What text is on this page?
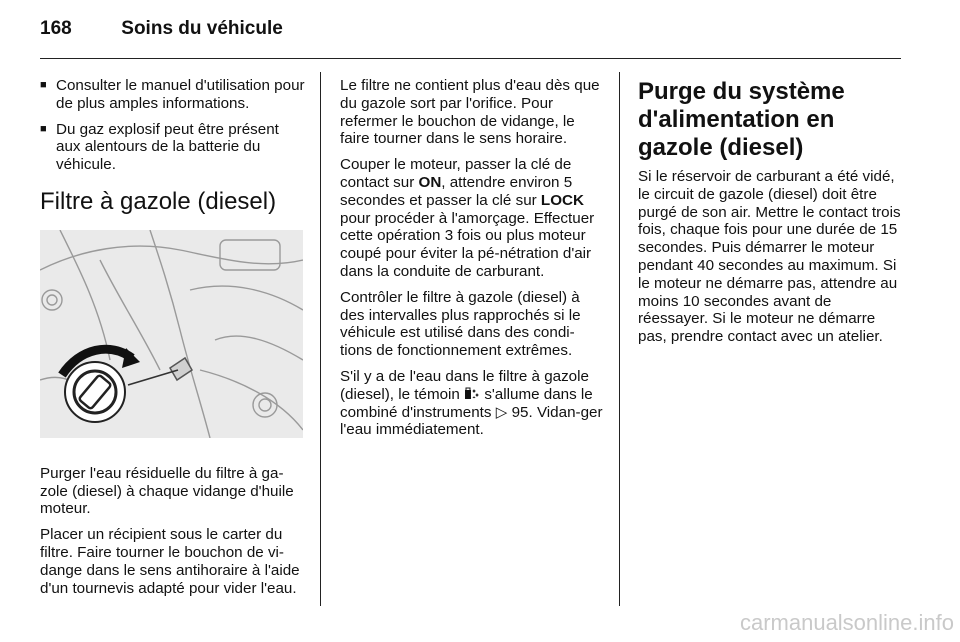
168	Soins du véhicule
■ Consulter le manuel d'utilisation pour de plus amples informations.
■ Du gaz explosif peut être présent aux alentours de la batterie du véhicule.
Filtre à gazole (diesel)

Purger l'eau résiduelle du filtre à ga-zole (diesel) à chaque vidange d'huile moteur.

Placer un récipient sous le carter du filtre. Faire tourner le bouchon de vi-dange dans le sens antihoraire à l'aide d'un tournevis adapté pour vider l'eau.

Le filtre ne contient plus d'eau dès que du gazole sort par l'orifice. Pour refermer le bouchon de vidange, le faire tourner dans le sens horaire.

Couper le moteur, passer la clé de contact sur ON, attendre environ 5 secondes et passer la clé sur LOCK pour procéder à l'amorçage. Effectuer cette opération 3 fois ou plus moteur coupé pour éviter la pé-nétration d'air dans la conduite de carburant.

Contrôler le filtre à gazole (diesel) à des intervalles plus rapprochés si le véhicule est utilisé dans des condi-tions de fonctionnement extrêmes.

S'il y a de l'eau dans le filtre à gazole (diesel), le témoin  s'allume dans le combiné d'instruments ▷ 95. Vidan-ger l'eau immédiatement.

Purge du système d'alimentation en gazole (diesel)

Si le réservoir de carburant a été vidé, le circuit de gazole (diesel) doit être purgé de son air. Mettre le contact trois fois, chaque fois pour une durée de 15 secondes. Puis démarrer le moteur pendant 40 secondes au maximum. Si le moteur ne démarre pas, attendre au moins 10 secondes avant de réessayer. Si le moteur ne démarre pas, prendre contact avec un atelier.

carmanualsonline.info
